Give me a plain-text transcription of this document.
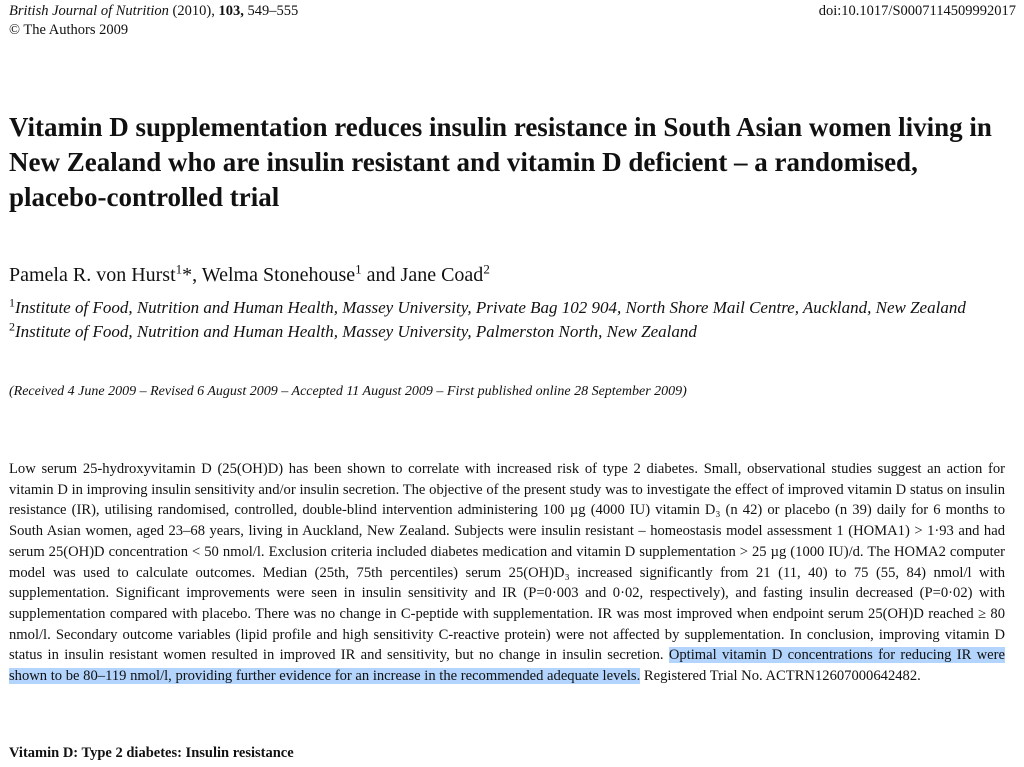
British Journal of Nutrition (2010), 103, 549–555
© The Authors 2009
doi:10.1017/S0007114509992017
Vitamin D supplementation reduces insulin resistance in South Asian women living in New Zealand who are insulin resistant and vitamin D deficient – a randomised, placebo-controlled trial
Pamela R. von Hurst$^1$*, Welma Stonehouse$^1$ and Jane Coad$^2$
$^1$Institute of Food, Nutrition and Human Health, Massey University, Private Bag 102 904, North Shore Mail Centre, Auckland, New Zealand
$^2$Institute of Food, Nutrition and Human Health, Massey University, Palmerston North, New Zealand
(Received 4 June 2009 – Revised 6 August 2009 – Accepted 11 August 2009 – First published online 28 September 2009)

Low serum 25-hydroxyvitamin D (25(OH)D) has been shown to correlate with increased risk of type 2 diabetes. Small, observational studies suggest an action for vitamin D in improving insulin sensitivity and/or insulin secretion. The objective of the present study was to investigate the effect of improved vitamin D status on insulin resistance (IR), utilising randomised, controlled, double-blind intervention administering 100 µg (4000 IU) vitamin D₃ (n 42) or placebo (n 39) daily for 6 months to South Asian women, aged 23–68 years, living in Auckland, New Zealand. Subjects were insulin resistant – homeostasis model assessment 1 (HOMA1) > 1·93 and had serum 25(OH)D concentration < 50 nmol/l. Exclusion criteria included diabetes medication and vitamin D supplementation > 25 µg (1000 IU)/d. The HOMA2 computer model was used to calculate outcomes. Median (25th, 75th percentiles) serum 25(OH)D₃ increased significantly from 21 (11, 40) to 75 (55, 84) nmol/l with supplementation. Significant improvements were seen in insulin sensitivity and IR (P=0·003 and 0·02, respectively), and fasting insulin decreased (P=0·02) with supplementation compared with placebo. There was no change in C-peptide with supplementation. IR was most improved when endpoint serum 25(OH)D reached ≥ 80 nmol/l. Secondary outcome variables (lipid profile and high sensitivity C-reactive protein) were not affected by supplementation. In conclusion, improving vitamin D status in insulin resistant women resulted in improved IR and sensitivity, but no change in insulin secretion. Optimal vitamin D concentrations for reducing IR were shown to be 80–119 nmol/l, providing further evidence for an increase in the recommended adequate levels. Registered Trial No. ACTRN12607000642482.

Vitamin D: Type 2 diabetes: Insulin resistance
